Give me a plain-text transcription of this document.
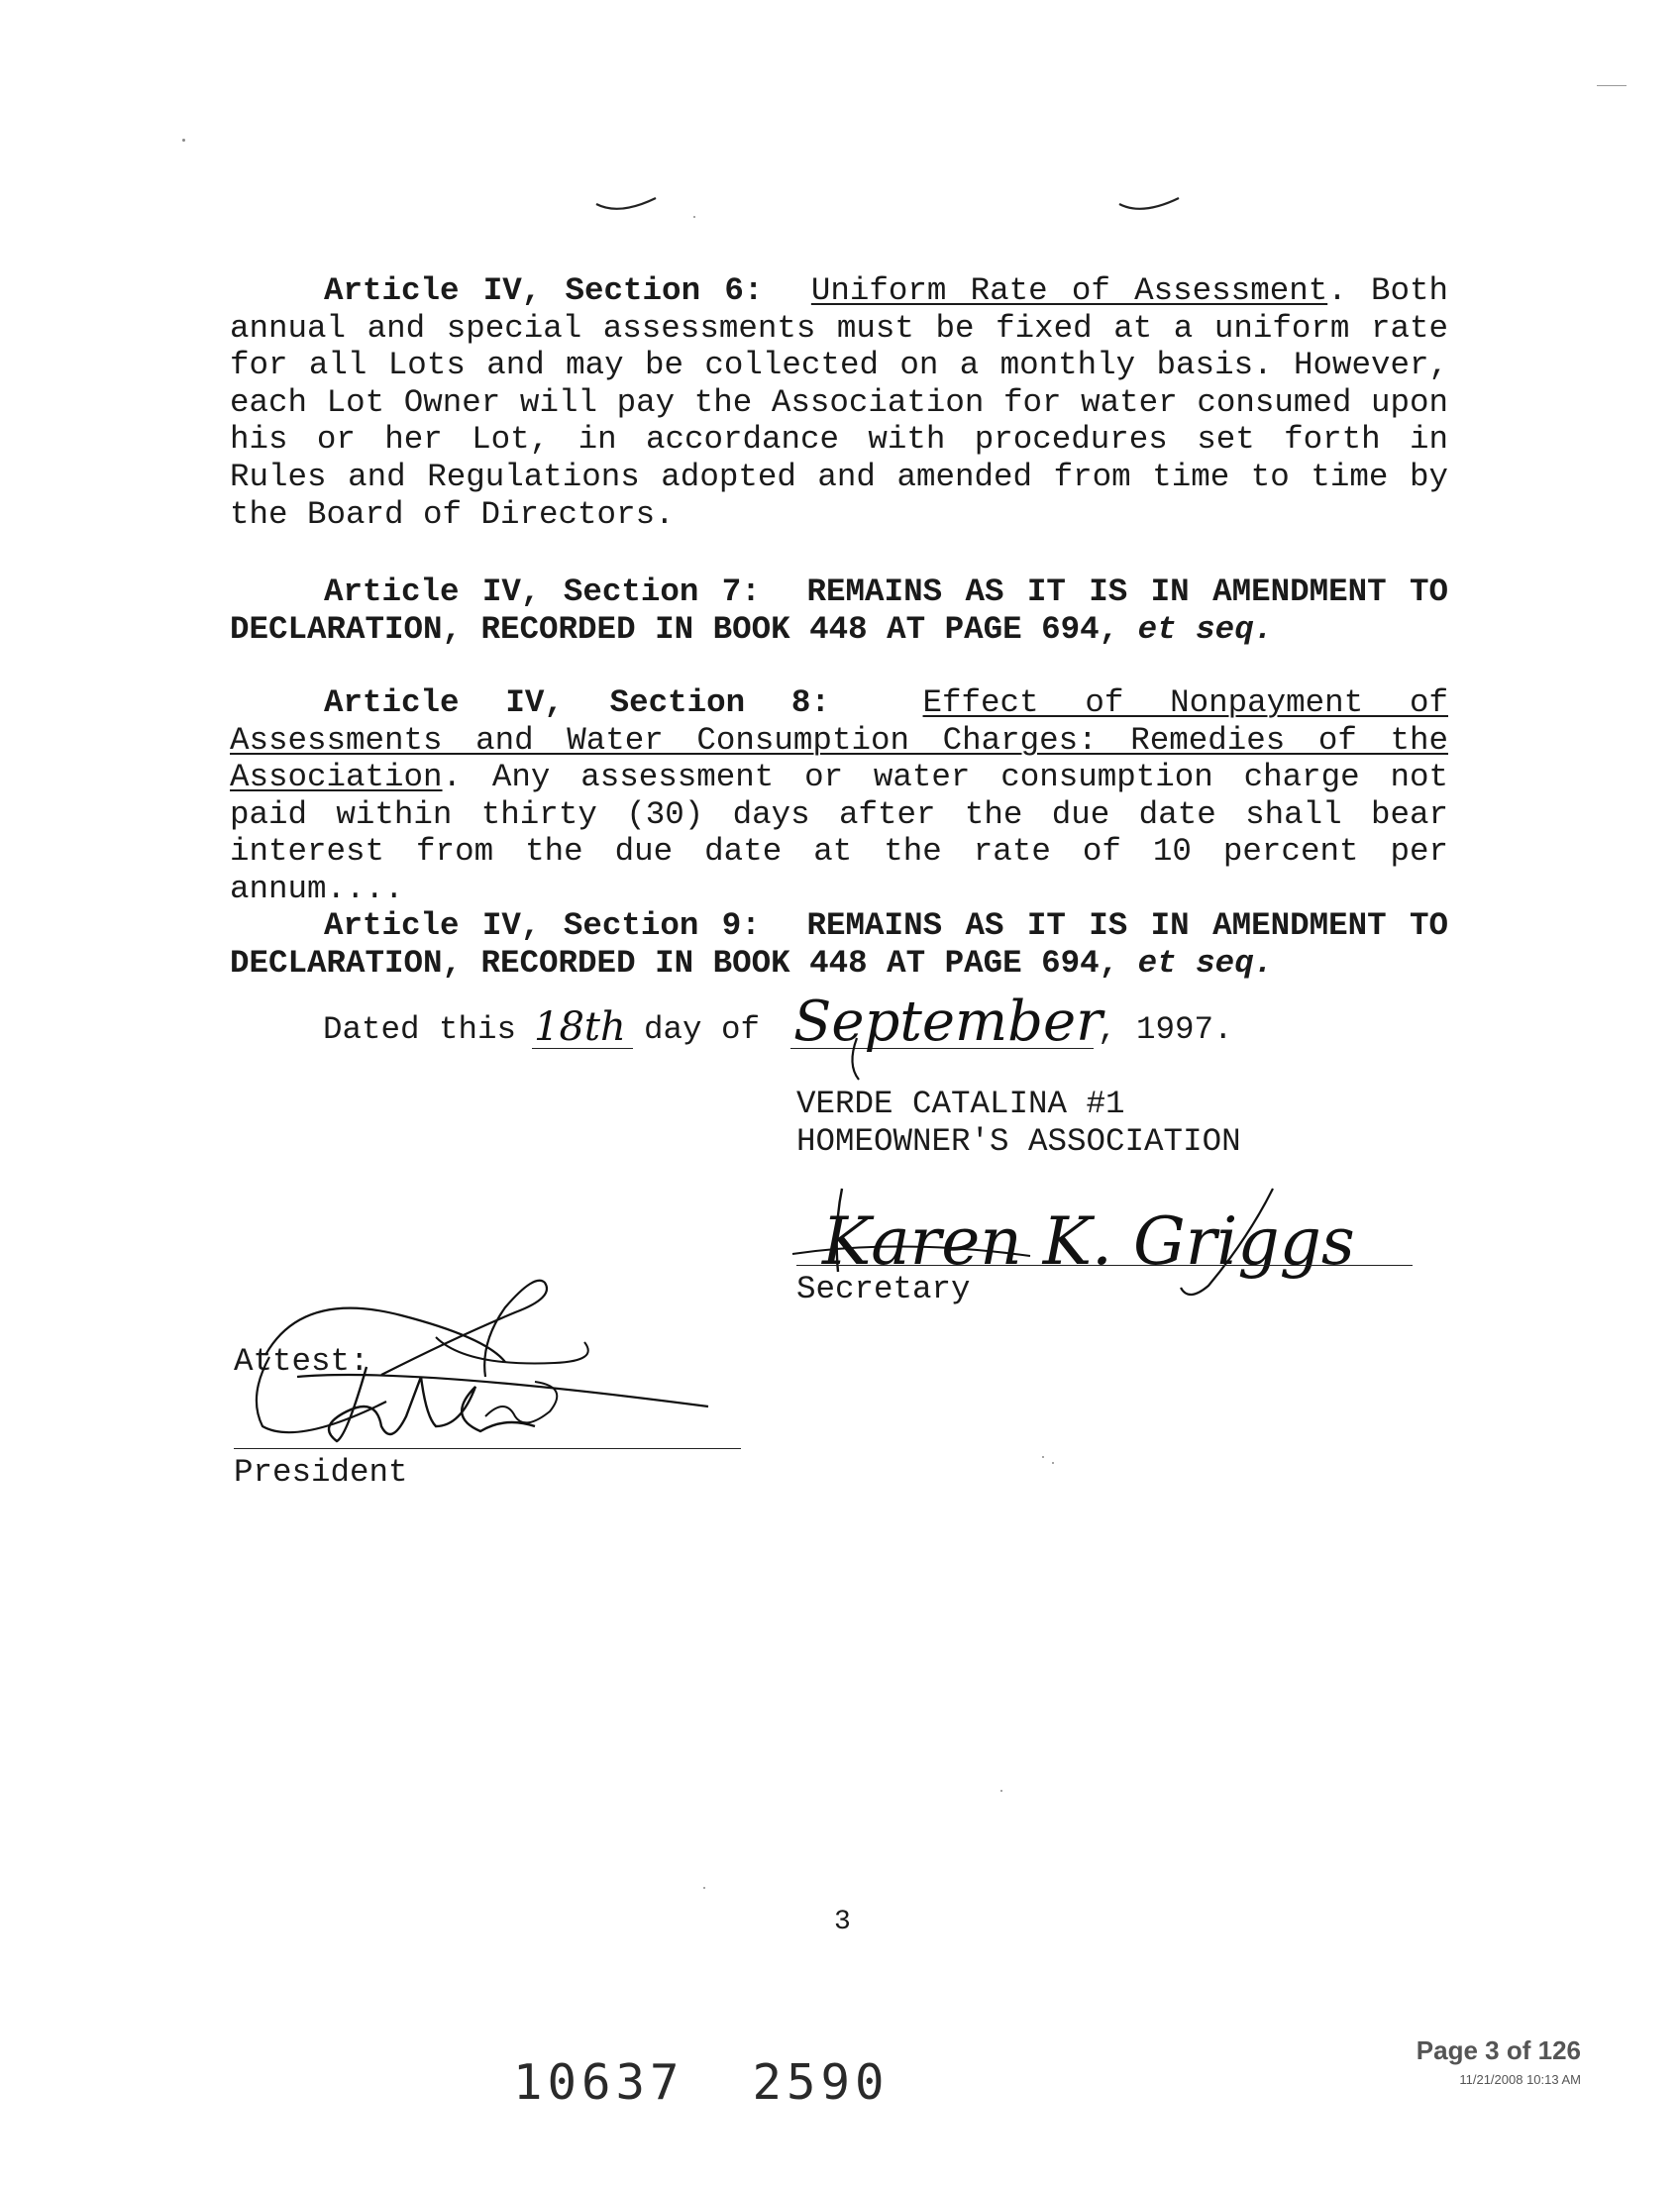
Article IV, Section 6: Uniform Rate of Assessment. Both annual and special assessments must be fixed at a uniform rate for all Lots and may be collected on a monthly basis. However, each Lot Owner will pay the Association for water consumed upon his or her Lot, in accordance with procedures set forth in Rules and Regulations adopted and amended from time to time by the Board of Directors.

Article IV, Section 7: REMAINS AS IT IS IN AMENDMENT TO DECLARATION, RECORDED IN BOOK 448 AT PAGE 694, et seq.

Article IV, Section 8:	Effect of Nonpayment of Assessments and Water Consumption Charges: Remedies of the Association. Any assessment or water consumption charge not paid within thirty (30) days after the due date shall bear interest from the due date at the rate of 10 percent per annum....

Article IV, Section 9: REMAINS AS IT IS IN AMENDMENT TO DECLARATION, RECORDED IN BOOK 448 AT PAGE 694, et seq.

Dated this 18th day of September
, 1997.
VERDE CATALINA #1
HOMEOWNER'S ASSOCIATION
Karen K. Griggs
Secretary
Attest:
President
3
10637  2590
Page 3 of 126
11/21/2008 10:13 AM
